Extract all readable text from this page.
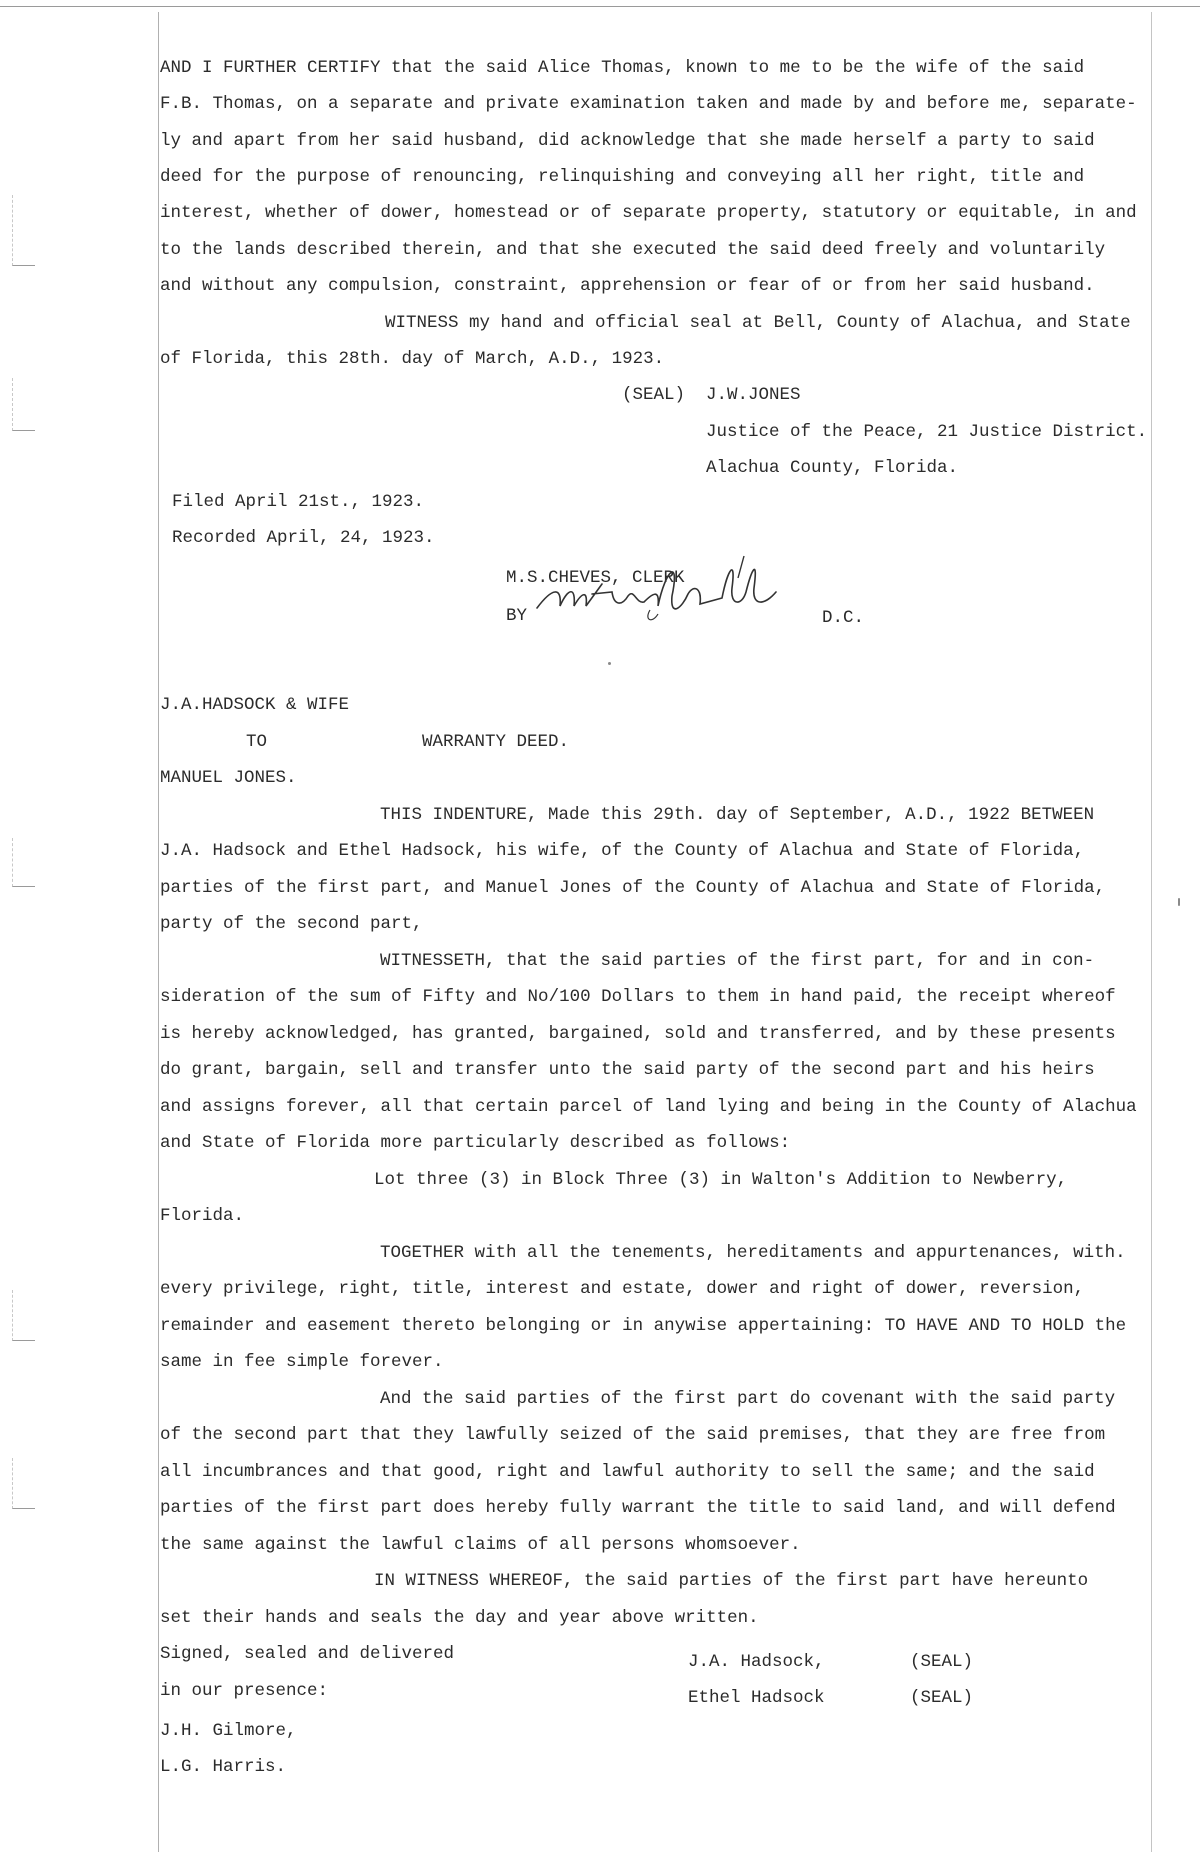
AND I FURTHER CERTIFY that the said Alice Thomas, known to me to be the wife of the said
F.B. Thomas, on a separate and private examination taken and made by and before me, separate-
ly and apart from her said husband, did acknowledge that she made herself a party to said
deed for the purpose of renouncing, relinquishing and conveying all her right, title and
interest, whether of dower, homestead or of separate property, statutory or equitable, in and
to the lands described therein, and that she executed the said deed freely and voluntarily
and without any compulsion, constraint, apprehension or fear of or from her said husband.
WITNESS my hand and official seal at Bell, County of Alachua, and State
of Florida, this 28th. day of March, A.D., 1923.
(SEAL) J.W.JONES
Justice of the Peace, 21 Justice District.
Alachua County, Florida.
Filed April 21st., 1923.
Recorded April, 24, 1923.
M.S.CHEVES, CLERK
BY	D.C.
J.A.HADSOCK & WIFE
TO	WARRANTY DEED.
MANUEL JONES.
THIS INDENTURE, Made this 29th. day of September, A.D., 1922 BETWEEN
J.A. Hadsock and Ethel Hadsock, his wife, of the County of Alachua and State of Florida,
parties of the first part, and Manuel Jones of the County of Alachua and State of Florida,
party of the second part,
WITNESSETH, that the said parties of the first part, for and in con-
sideration of the sum of Fifty and No/100 Dollars to them in hand paid, the receipt whereof
is hereby acknowledged, has granted, bargained, sold and transferred, and by these presents
do grant, bargain, sell and transfer unto the said party of the second part and his heirs
and assigns forever, all that certain parcel of land lying and being in the County of Alachua
and State of Florida more particularly described as follows:
Lot three (3) in Block Three (3) in Walton's Addition to Newberry,
Florida.
TOGETHER with all the tenements, hereditaments and appurtenances, with.
every privilege, right, title, interest and estate, dower and right of dower, reversion,
remainder and easement thereto belonging or in anywise appertaining: TO HAVE AND TO HOLD the
same in fee simple forever.
And the said parties of the first part do covenant with the said party
of the second part that they lawfully seized of the said premises, that they are free from
all incumbrances and that good, right and lawful authority to sell the same; and the said
parties of the first part does hereby fully warrant the title to said land, and will defend
the same against the lawful claims of all persons whomsoever.
IN WITNESS WHEREOF, the said parties of the first part have hereunto
set their hands and seals the day and year above written.
Signed, sealed and delivered
in our presence:
J.A. Hadsock,	(SEAL)
Ethel Hadsock	(SEAL)
J.H. Gilmore,
L.G. Harris.
